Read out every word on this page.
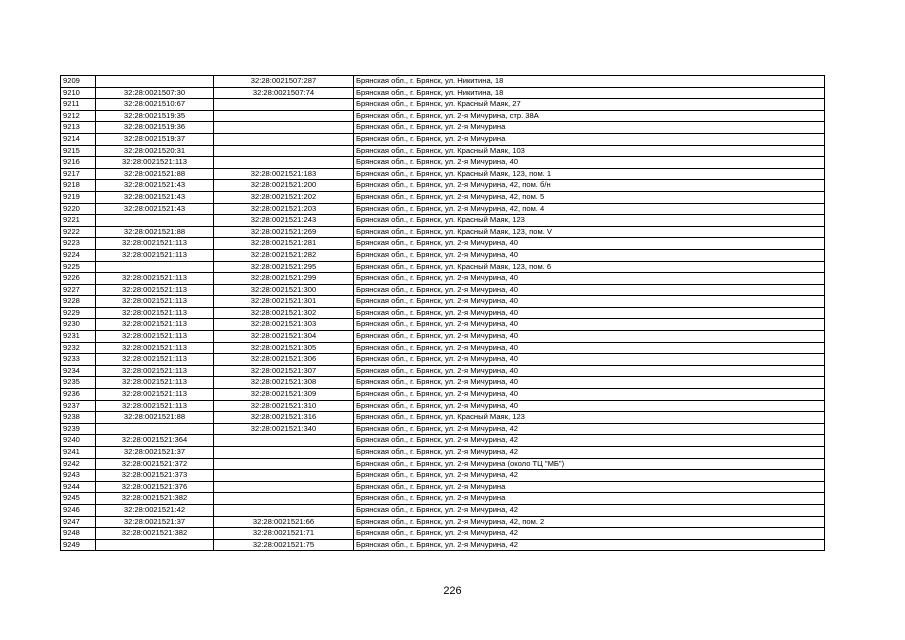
9209		32:28:0021507:287	Брянская обл., г. Брянск, ул. Никитина, 18
9210	32:28:0021507:30	32:28:0021507:74	Брянская обл., г. Брянск, ул. Никитина, 18
9211	32:28:0021510:67		Брянская обл., г. Брянск, ул. Красный Маяк, 27
9212	32:28:0021519:35		Брянская обл., г. Брянск, ул. 2-я Мичурина, стр. 38А
9213	32:28:0021519:36		Брянская обл., г. Брянск, ул. 2-я Мичурина
9214	32:28:0021519:37		Брянская обл., г. Брянск, ул. 2-я Мичурина
9215	32:28:0021520:31		Брянская обл., г. Брянск, ул. Красный Маяк, 103
9216	32:28:0021521:113		Брянская обл., г. Брянск, ул. 2-я Мичурина, 40
9217	32:28:0021521:88	32:28:0021521:183	Брянская обл., г. Брянск, ул. Красный Маяк, 123, пом. 1
9218	32:28:0021521:43	32:28:0021521:200	Брянская обл., г. Брянск, ул. 2-я Мичурина, 42, пом. б/н
9219	32:28:0021521:43	32:28:0021521:202	Брянская обл., г. Брянск, ул. 2-я Мичурина, 42, пом. 5
9220	32:28:0021521:43	32:28:0021521:203	Брянская обл., г. Брянск, ул. 2-я Мичурина, 42, пом. 4
9221		32:28:0021521:243	Брянская обл., г. Брянск, ул. Красный Маяк, 123
9222	32:28:0021521:88	32:28:0021521:269	Брянская обл., г. Брянск, ул. Красный Маяк, 123, пом. V
9223	32:28:0021521:113	32:28:0021521:281	Брянская обл., г. Брянск, ул. 2-я Мичурина, 40
9224	32:28:0021521:113	32:28:0021521:282	Брянская обл., г. Брянск, ул. 2-я Мичурина, 40
9225		32:28:0021521:295	Брянская обл., г. Брянск, ул. Красный Маяк, 123, пом. 6
9226	32:28:0021521:113	32:28:0021521:299	Брянская обл., г. Брянск, ул. 2-я Мичурина, 40
9227	32:28:0021521:113	32:28:0021521:300	Брянская обл., г. Брянск, ул. 2-я Мичурина, 40
9228	32:28:0021521:113	32:28:0021521:301	Брянская обл., г. Брянск, ул. 2-я Мичурина, 40
9229	32:28:0021521:113	32:28:0021521:302	Брянская обл., г. Брянск, ул. 2-я Мичурина, 40
9230	32:28:0021521:113	32:28:0021521:303	Брянская обл., г. Брянск, ул. 2-я Мичурина, 40
9231	32:28:0021521:113	32:28:0021521:304	Брянская обл., г. Брянск, ул. 2-я Мичурина, 40
9232	32:28:0021521:113	32:28:0021521:305	Брянская обл., г. Брянск, ул. 2-я Мичурина, 40
9233	32:28:0021521:113	32:28:0021521:306	Брянская обл., г. Брянск, ул. 2-я Мичурина, 40
9234	32:28:0021521:113	32:28:0021521:307	Брянская обл., г. Брянск, ул. 2-я Мичурина, 40
9235	32:28:0021521:113	32:28:0021521:308	Брянская обл., г. Брянск, ул. 2-я Мичурина, 40
9236	32:28:0021521:113	32:28:0021521:309	Брянская обл., г. Брянск, ул. 2-я Мичурина, 40
9237	32:28:0021521:113	32:28:0021521:310	Брянская обл., г. Брянск, ул. 2-я Мичурина, 40
9238	32:28:0021521:88	32:28:0021521:316	Брянская обл., г. Брянск, ул. Красный Маяк, 123
9239		32:28:0021521:340	Брянская обл., г. Брянск, ул. 2-я Мичурина, 42
9240	32:28:0021521:364		Брянская обл., г. Брянск, ул. 2-я Мичурина, 42
9241	32:28:0021521:37		Брянская обл., г. Брянск, ул. 2-я Мичурина, 42
9242	32:28:0021521:372		Брянская обл., г. Брянск, ул. 2-я Мичурина (около ТЦ "МБ")
9243	32:28:0021521:373		Брянская обл., г. Брянск, ул. 2-я Мичурина, 42
9244	32:28:0021521:376		Брянская обл., г. Брянск, ул. 2-я Мичурина
9245	32:28:0021521:382		Брянская обл., г. Брянск, ул. 2-я Мичурина
9246	32:28:0021521:42		Брянская обл., г. Брянск, ул. 2-я Мичурина, 42
9247	32:28:0021521:37	32:28:0021521:66	Брянская обл., г. Брянск, ул. 2-я Мичурина, 42, пом. 2
9248	32:28:0021521:382	32:28:0021521:71	Брянская обл., г. Брянск, ул. 2-я Мичурина, 42
9249		32:28:0021521:75	Брянская обл., г. Брянск, ул. 2-я Мичурина, 42
226
